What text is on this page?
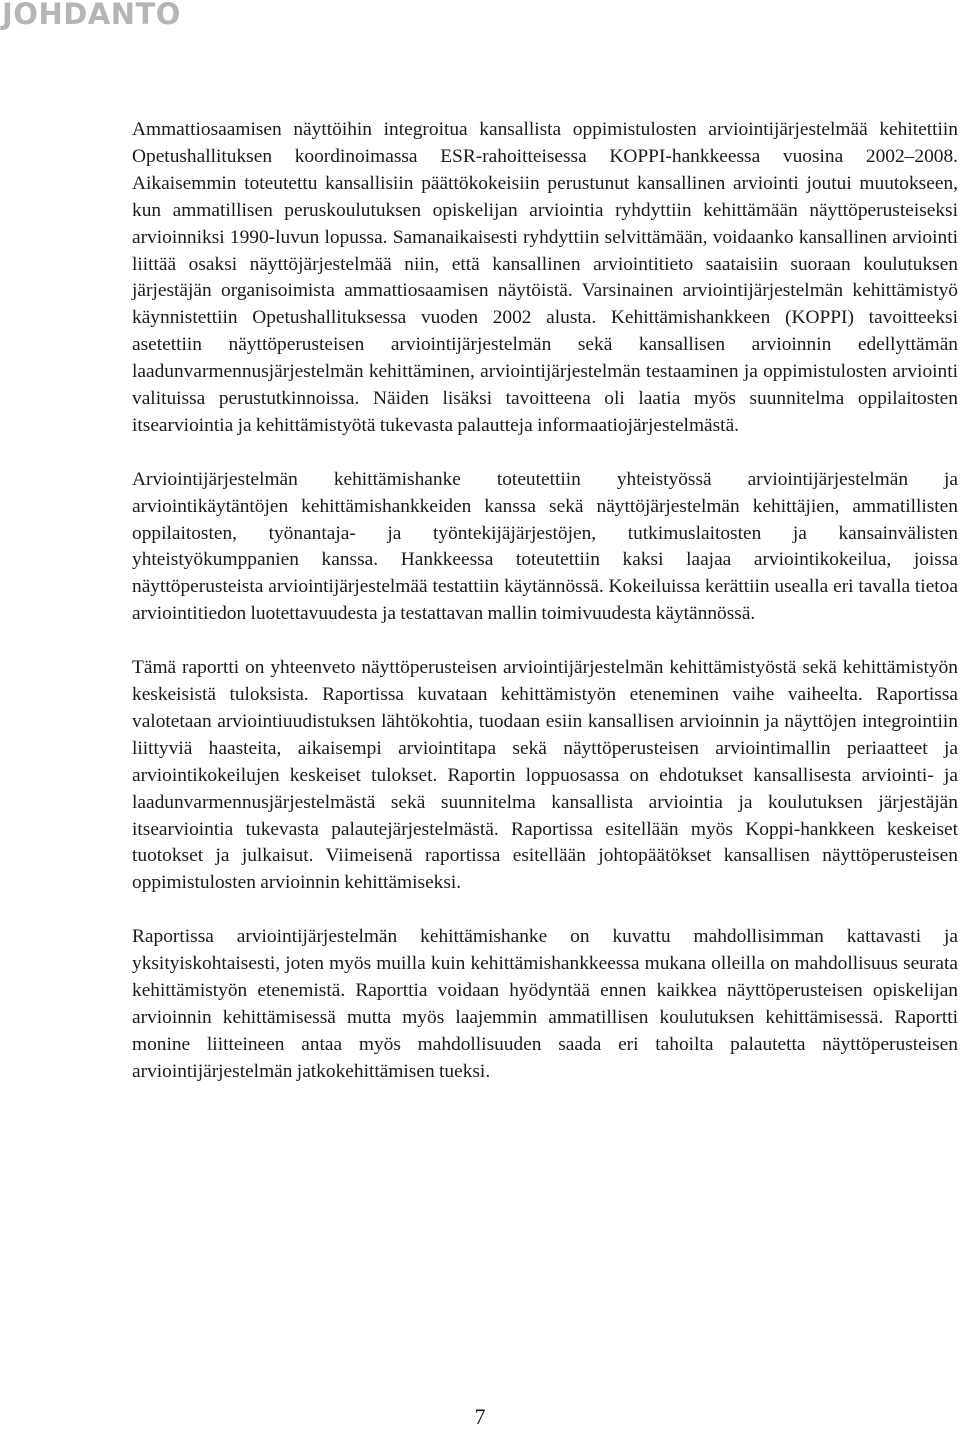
JOHDANTO

Ammattiosaamisen näyttöihin integroitua kansallista oppimistulosten arviointijärjestelmää kehitettiin Opetushallituksen koordinoimassa ESR-rahoitteisessa KOPPI-hankkeessa vuosina 2002–2008. Aikaisemmin toteutettu kansallisiin päättökokeisiin perustunut kansallinen arviointi joutui muutokseen, kun ammatillisen peruskoulutuksen opiskelijan arviointia ryhdyttiin kehittämään näyttöperusteiseksi arvioinniksi 1990-luvun lopussa. Samanaikaisesti ryhdyttiin selvittämään, voidaanko kansallinen arviointi liittää osaksi näyttöjärjestelmää niin, että kansallinen arviointitieto saataisiin suoraan koulutuksen järjestäjän organisoimista ammattiosaamisen näytöistä. Varsinainen arviointijärjestelmän kehittämistyö käynnistettiin Opetushallituksessa vuoden 2002 alusta. Kehittämishankkeen (KOPPI) tavoitteeksi asetettiin näyttöperusteisen arviointijärjestelmän sekä kansallisen arvioinnin edellyttämän laadunvarmennusjärjestelmän kehittäminen, arviointijärjestelmän testaaminen ja oppimistulosten arviointi valituissa perustutkinnoissa. Näiden lisäksi tavoitteena oli laatia myös suunnitelma oppilaitosten itsearviointia ja kehittämistyötä tukevasta palautteja informaatiojärjestelmästä.

Arviointijärjestelmän kehittämishanke toteutettiin yhteistyössä arviointijärjestelmän ja arviointikäytäntöjen kehittämishankkeiden kanssa sekä näyttöjärjestelmän kehittäjien, ammatillisten oppilaitosten, työnantaja- ja työntekijäjärjestöjen, tutkimuslaitosten ja kansainvälisten yhteistyökumppanien kanssa. Hankkeessa toteutettiin kaksi laajaa arviointikokeilua, joissa näyttöperusteista arviointijärjestelmää testattiin käytännössä. Kokeiluissa kerättiin usealla eri tavalla tietoa arviointitiedon luotettavuudesta ja testattavan mallin toimivuudesta käytännössä.

Tämä raportti on yhteenveto näyttöperusteisen arviointijärjestelmän kehittämistyöstä sekä kehittämistyön keskeisistä tuloksista. Raportissa kuvataan kehittämistyön eteneminen vaihe vaiheelta. Raportissa valotetaan arviointiuudistuksen lähtökohtia, tuodaan esiin kansallisen arvioinnin ja näyttöjen integrointiin liittyviä haasteita, aikaisempi arviointitapa sekä näyttöperusteisen arviointimallin periaatteet ja arviointikokeilujen keskeiset tulokset. Raportin loppuosassa on ehdotukset kansallisesta arviointi- ja laadunvarmennusjärjestelmästä sekä suunnitelma kansallista arviointia ja koulutuksen järjestäjän itsearviointia tukevasta palautejärjestelmästä. Raportissa esitellään myös Koppi-hankkeen keskeiset tuotokset ja julkaisut. Viimeisenä raportissa esitellään johtopäätökset kansallisen näyttöperusteisen oppimistulosten arvioinnin kehittämiseksi.

Raportissa arviointijärjestelmän kehittämishanke on kuvattu mahdollisimman kattavasti ja yksityiskohtaisesti, joten myös muilla kuin kehittämishankkeessa mukana olleilla on mahdollisuus seurata kehittämistyön etenemistä. Raporttia voidaan hyödyntää ennen kaikkea näyttöperusteisen opiskelijan arvioinnin kehittämisessä mutta myös laajemmin ammatillisen koulutuksen kehittämisessä. Raportti monine liitteineen antaa myös mahdollisuuden saada eri tahoilta palautetta näyttöperusteisen arviointijärjestelmän jatkokehittämisen tueksi.

7
